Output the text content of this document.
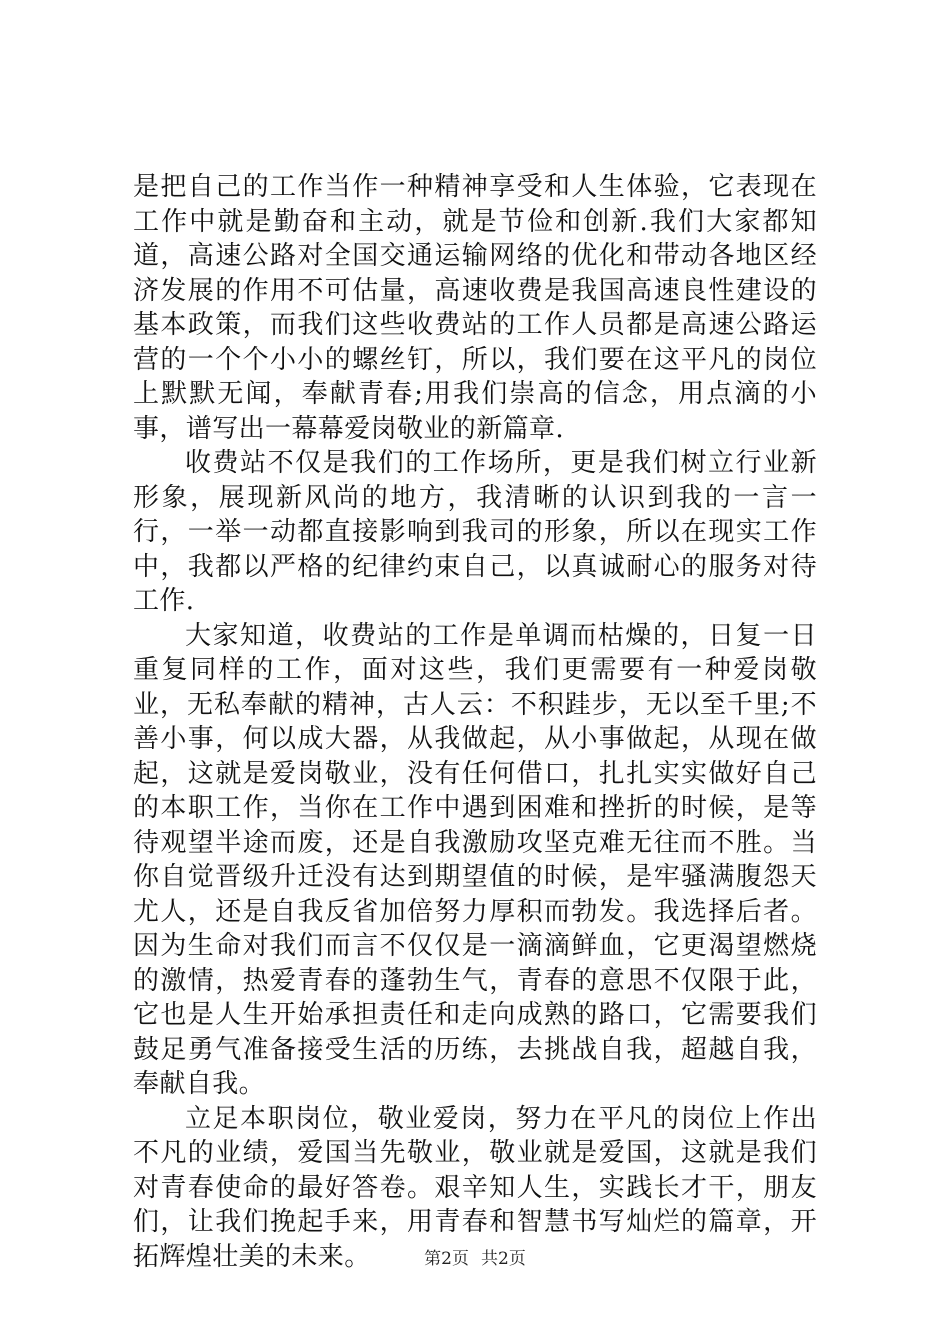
是把自己的工作当作一种精神享受和人生体验，它表现在工作中就是勤奋和主动，就是节俭和创新.我们大家都知道，高速公路对全国交通运输网络的优化和带动各地区经济发展的作用不可估量，高速收费是我国高速良性建设的基本政策，而我们这些收费站的工作人员都是高速公路运营的一个个小小的螺丝钉，所以，我们要在这平凡的岗位上默默无闻，奉献青春;用我们崇高的信念，用点滴的小事，谱写出一幕幕爱岗敬业的新篇章.

收费站不仅是我们的工作场所，更是我们树立行业新形象，展现新风尚的地方，我清晰的认识到我的一言一行，一举一动都直接影响到我司的形象，所以在现实工作中，我都以严格的纪律约束自己，以真诚耐心的服务对待工作.

大家知道，收费站的工作是单调而枯燥的，日复一日重复同样的工作，面对这些，我们更需要有一种爱岗敬业，无私奉献的精神，古人云：不积跬步，无以至千里;不善小事，何以成大器，从我做起，从小事做起，从现在做起，这就是爱岗敬业，没有任何借口，扎扎实实做好自己的本职工作，当你在工作中遇到困难和挫折的时候，是等待观望半途而废，还是自我激励攻坚克难无往而不胜。当你自觉晋级升迁没有达到期望值的时候，是牢骚满腹怨天尤人，还是自我反省加倍努力厚积而勃发。我选择后者。因为生命对我们而言不仅仅是一滴滴鲜血，它更渴望燃烧的激情，热爱青春的蓬勃生气，青春的意思不仅限于此，它也是人生开始承担责任和走向成熟的路口，它需要我们鼓足勇气准备接受生活的历练，去挑战自我，超越自我，奉献自我。

立足本职岗位，敬业爱岗，努力在平凡的岗位上作出不凡的业绩，爱国当先敬业，敬业就是爱国，这就是我们对青春使命的最好答卷。艰辛知人生，实践长才干，朋友们，让我们挽起手来，用青春和智慧书写灿烂的篇章，开拓辉煌壮美的未来。	第2页 共2页
